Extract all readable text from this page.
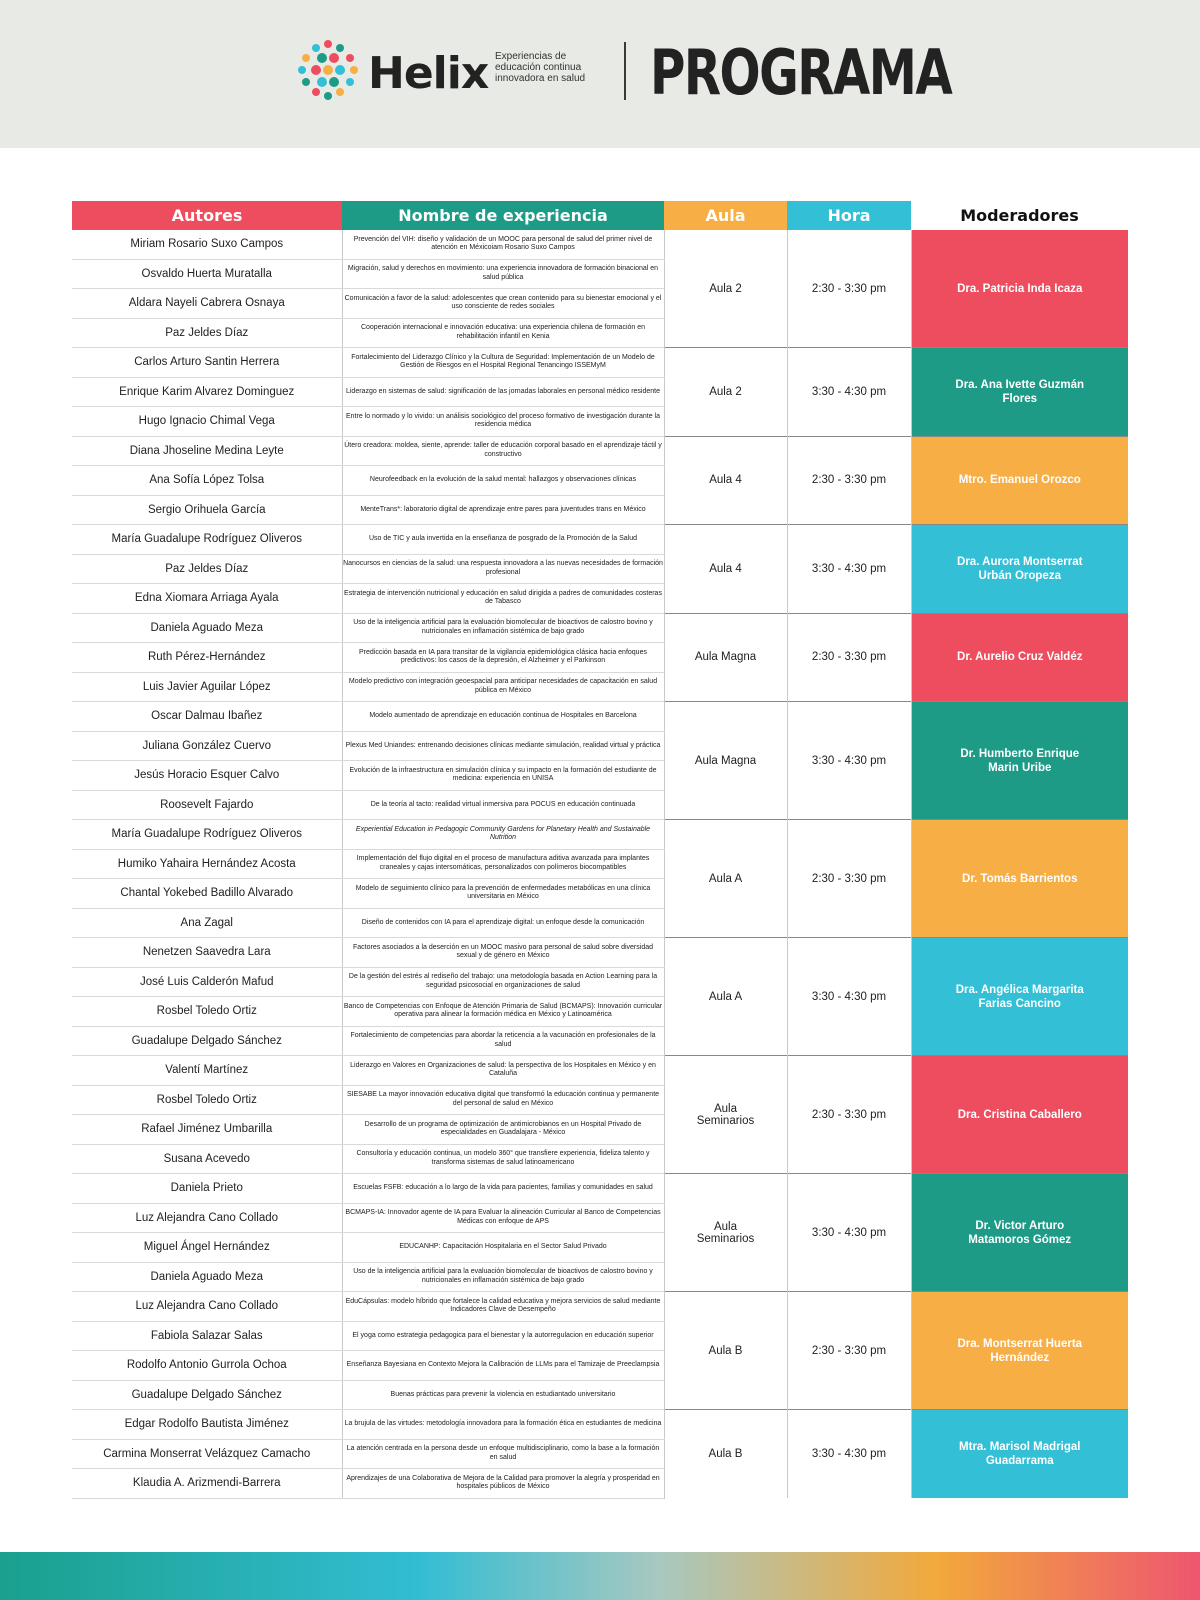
Helix Experiencias de educación continua innovadora en salud	PROGRAMA
Autores	Nombre de experiencia	Aula	Hora	Moderadores
Miriam Rosario Suxo Campos	Prevención del VIH: diseño y validación de un MOOC para personal de salud del primer nivel de atención en Méxicoiam Rosario Suxo Campos	Aula 2	2:30 - 3:30 pm	Dra. Patricia Inda Icaza
Osvaldo Huerta Muratalla	Migración, salud y derechos en movimiento: una experiencia innovadora de formación binacional en salud pública			
Aldara Nayeli Cabrera Osnaya	Comunicación a favor de la salud: adolescentes que crean contenido para su bienestar emocional y el uso consciente de redes sociales			
Paz Jeldes Díaz	Cooperación internacional e innovación educativa: una experiencia chilena de formación en rehabilitación infantil en Kenia			
Carlos Arturo Santin Herrera	Fortalecimiento del Liderazgo Clínico y la Cultura de Seguridad: Implementación de un Modelo de Gestión de Riesgos en el Hospital Regional Tenancingo ISSEMyM	Aula 2	3:30 - 4:30 pm	Dra. Ana Ivette Guzmán Flores
Enrique Karim Alvarez Dominguez	Liderazgo en sistemas de salud: significación de las jornadas laborales en personal médico residente			
Hugo Ignacio Chimal Vega	Entre lo normado y lo vivido: un análisis sociológico del proceso formativo de investigación durante la residencia médica			
Diana Jhoseline Medina Leyte	Útero creadora: moldea, siente, aprende: taller de educación corporal basado en el aprendizaje táctil y constructivo	Aula 4	2:30 - 3:30 pm	Mtro. Emanuel Orozco
Ana Sofía López Tolsa	Neurofeedback en la evolución de la salud mental: hallazgos y observaciones clínicas			
Sergio Orihuela García	MenteTrans*: laboratorio digital de aprendizaje entre pares para juventudes trans en México			
María Guadalupe Rodríguez Oliveros	Uso de TIC y aula invertida en la enseñanza de posgrado de la Promoción de la Salud	Aula 4	3:30 - 4:30 pm	Dra. Aurora Montserrat Urbán Oropeza
Paz Jeldes Díaz	Nanocursos en ciencias de la salud: una respuesta innovadora a las nuevas necesidades de formación profesional			
Edna Xiomara Arriaga Ayala	Estrategia de intervención nutricional y educación en salud dirigida a padres de comunidades costeras de Tabasco			
Daniela Aguado Meza	Uso de la inteligencia artificial para la evaluación biomolecular de bioactivos de calostro bovino y nutricionales en inflamación sistémica de bajo grado	Aula Magna	2:30 - 3:30 pm	Dr. Aurelio Cruz Valdéz
Ruth Pérez-Hernández	Predicción basada en IA para transitar de la vigilancia epidemiológica clásica hacia enfoques predictivos: los casos de la depresión, el Alzheimer y el Parkinson			
Luis Javier Aguilar López	Modelo predictivo con integración geoespacial para anticipar necesidades de capacitación en salud pública en México			
Oscar Dalmau Ibañez	Modelo aumentado de aprendizaje en educación continua de Hospitales en Barcelona	Aula Magna	3:30 - 4:30 pm	Dr. Humberto Enrique Marin Uribe
Juliana González Cuervo	Plexus Med Uniandes: entrenando decisiones clínicas mediante simulación, realidad virtual y práctica			
Jesús Horacio Esquer Calvo	Evolución de la infraestructura en simulación clínica y su impacto en la formación del estudiante de medicina: experiencia en UNISA			
Roosevelt Fajardo	De la teoría al tacto: realidad virtual inmersiva para POCUS en educación continuada			
María Guadalupe Rodríguez Oliveros	Experiential Education in Pedagogic Community Gardens for Planetary Health and Sustainable Nutrition	Aula A	2:30 - 3:30 pm	Dr. Tomás Barrientos
Humiko Yahaira Hernández Acosta	Implementación del flujo digital en el proceso de manufactura aditiva avanzada para implantes craneales y cajas intersomáticas, personalizados con polímeros biocompatibles			
Chantal Yokebed Badillo Alvarado	Modelo de seguimiento clínico para la prevención de enfermedades metabólicas en una clínica universitaria en México			
Ana Zagal	Diseño de contenidos con IA para el aprendizaje digital: un enfoque desde la comunicación			
Nenetzen Saavedra Lara	Factores asociados a la deserción en un MOOC masivo para personal de salud sobre diversidad sexual y de género en México	Aula A	3:30 - 4:30 pm	Dra. Angélica Margarita Farias Cancino
José Luis Calderón Mafud	De la gestión del estrés al rediseño del trabajo: una metodología basada en Action Learning para la seguridad psicosocial en organizaciones de salud			
Rosbel Toledo Ortiz	Banco de Competencias con Enfoque de Atención Primaria de Salud (BCMAPS): Innovación curricular operativa para alinear la formación médica en México y Latinoamérica			
Guadalupe Delgado Sánchez	Fortalecimiento de competencias para abordar la reticencia a la vacunación en profesionales de la salud			
Valentí Martínez	Liderazgo en Valores en Organizaciones de salud: la perspectiva de los Hospitales en México y en Cataluña	Aula Seminarios	2:30 - 3:30 pm	Dra. Cristina Caballero
Rosbel Toledo Ortiz	SIESABE La mayor innovación educativa digital que transformó la educación continua y permanente del personal de salud en México			
Rafael Jiménez Umbarilla	Desarrollo de un programa de optimización de antimicrobianos en un Hospital Privado de especialidades en Guadalajara - México			
Susana Acevedo	Consultoría y educación continua, un modelo 360° que transfiere experiencia, fideliza talento y transforma sistemas de salud latinoamericano			
Daniela Prieto	Escuelas FSFB: educación a lo largo de la vida para pacientes, familias y comunidades en salud	Aula Seminarios	3:30 - 4:30 pm	Dr. Victor Arturo Matamoros Gómez
Luz Alejandra Cano Collado	BCMAPS-IA: Innovador agente de IA para Evaluar la alineación Curricular al Banco de Competencias Médicas con enfoque de APS			
Miguel Ángel Hernández	EDUCANHP: Capacitación Hospitalaria en el Sector Salud Privado			
Daniela Aguado Meza	Uso de la inteligencia artificial para la evaluación biomolecular de bioactivos de calostro bovino y nutricionales en inflamación sistémica de bajo grado			
Luz Alejandra Cano Collado	EduCápsulas: modelo híbrido que fortalece la calidad educativa y mejora servicios de salud mediante Indicadores Clave de Desempeño	Aula B	2:30 - 3:30 pm	Dra. Montserrat Huerta Hernández
Fabiola Salazar Salas	El yoga como estrategia pedagogica para el bienestar y la autorregulacion en educación superior			
Rodolfo Antonio Gurrola Ochoa	Enseñanza Bayesiana en Contexto Mejora la Calibración de LLMs para el Tamizaje de Preeclampsia			
Guadalupe Delgado Sánchez	Buenas prácticas para prevenir la violencia en estudiantado universitario			
Edgar Rodolfo Bautista Jiménez	La brujula de las virtudes: metodología innovadora para la formación ética en estudiantes de medicina	Aula B	3:30 - 4:30 pm	Mtra. Marisol Madrigal Guadarrama
Carmina Monserrat Velázquez Camacho	La atención centrada en la persona desde un enfoque multidisciplinario, como la base a la formación en salud			
Klaudia A. Arizmendi-Barrera	Aprendizajes de una Colaborativa de Mejora de la Calidad para promover la alegría y prosperidad en hospitales públicos de México			
